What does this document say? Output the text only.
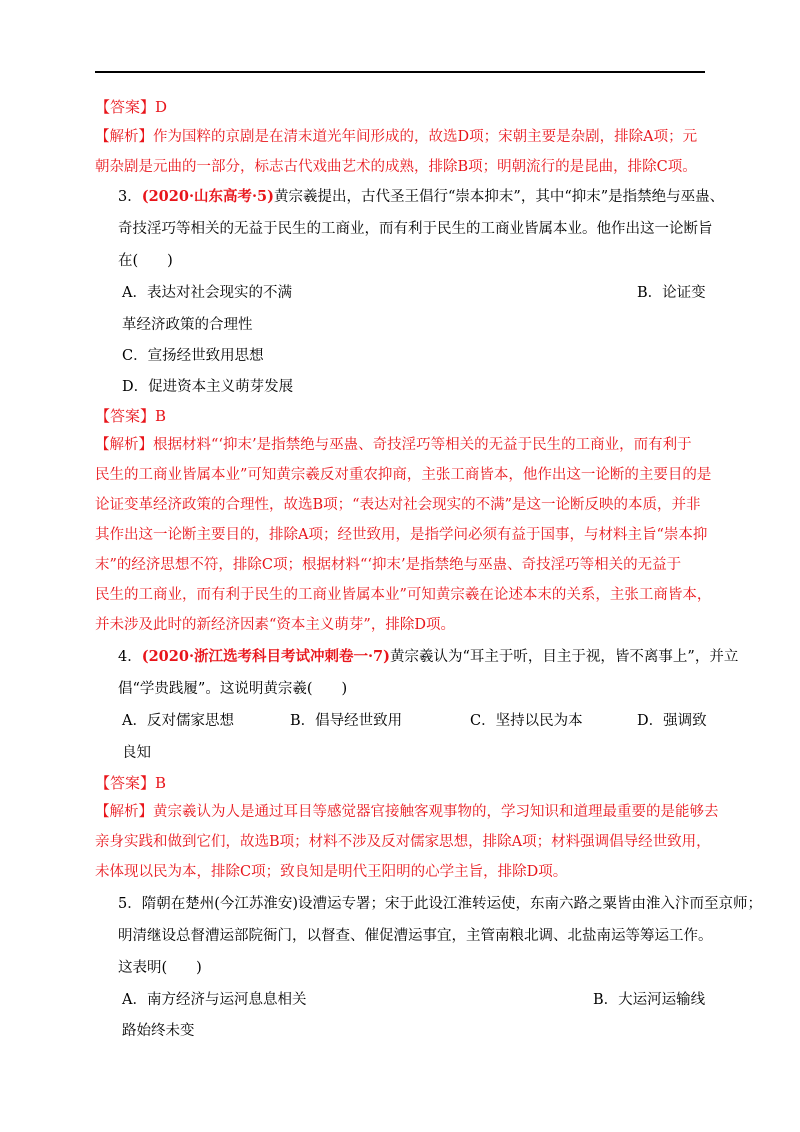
【答案】D
【解析】作为国粹的京剧是在清末道光年间形成的，故选D项；宋朝主要是杂剧，排除A项；元
朝杂剧是元曲的一部分，标志古代戏曲艺术的成熟，排除B项；明朝流行的是昆曲，排除C项。
3．(2020·山东高考·5)黄宗羲提出，古代圣王倡行“崇本抑末”，其中“抑末”是指禁绝与巫蛊、
奇技淫巧等相关的无益于民生的工商业，而有利于民生的工商业皆属本业。他作出这一论断旨
在(　　)
A．表达对社会现实的不满	B．论证变
革经济政策的合理性
C．宣扬经世致用思想
D．促进资本主义萌芽发展
【答案】B
【解析】根据材料“‘抑末’是指禁绝与巫蛊、奇技淫巧等相关的无益于民生的工商业，而有利于
民生的工商业皆属本业”可知黄宗羲反对重农抑商，主张工商皆本，他作出这一论断的主要目的是
论证变革经济政策的合理性，故选B项；“表达对社会现实的不满”是这一论断反映的本质，并非
其作出这一论断主要目的，排除A项；经世致用，是指学问必须有益于国事，与材料主旨“崇本抑
末”的经济思想不符，排除C项；根据材料“‘抑末’是指禁绝与巫蛊、奇技淫巧等相关的无益于
民生的工商业，而有利于民生的工商业皆属本业”可知黄宗羲在论述本末的关系，主张工商皆本，
并未涉及此时的新经济因素“资本主义萌芽”，排除D项。
4．(2020·浙江选考科目考试冲刺卷一·7)黄宗羲认为“耳主于听，目主于视，皆不离事上”，并立
倡“学贵践履”。这说明黄宗羲(　　)
A．反对儒家思想	B．倡导经世致用	C．坚持以民为本	D．强调致
良知
【答案】B
【解析】黄宗羲认为人是通过耳目等感觉器官接触客观事物的，学习知识和道理最重要的是能够去
亲身实践和做到它们，故选B项；材料不涉及反对儒家思想，排除A项；材料强调倡导经世致用，
未体现以民为本，排除C项；致良知是明代王阳明的心学主旨，排除D项。
5．隋朝在楚州(今江苏淮安)设漕运专署；宋于此设江淮转运使，东南六路之粟皆由淮入汴而至京师；
明清继设总督漕运部院衙门，以督查、催促漕运事宜，主管南粮北调、北盐南运等筹运工作。
这表明(　　)
A．南方经济与运河息息相关	B．大运河运输线
路始终未变
